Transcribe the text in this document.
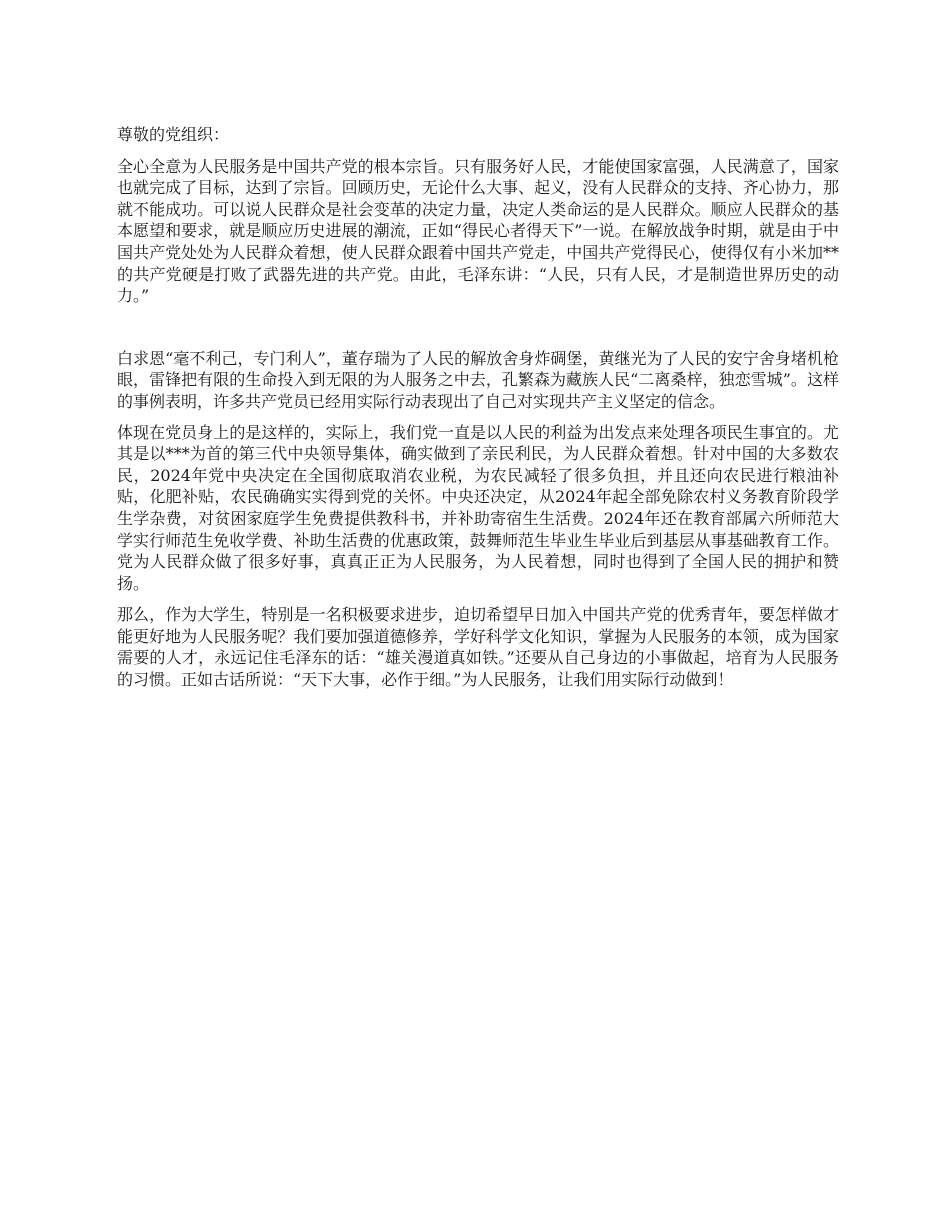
尊敬的党组织：

全心全意为人民服务是中国共产党的根本宗旨。只有服务好人民，才能使国家富强，人民满意了，国家也就完成了目标，达到了宗旨。回顾历史，无论什么大事、起义，没有人民群众的支持、齐心协力，那就不能成功。可以说人民群众是社会变革的决定力量，决定人类命运的是人民群众。顺应人民群众的基本愿望和要求，就是顺应历史进展的潮流，正如“得民心者得天下”一说。在解放战争时期，就是由于中国共产党处处为人民群众着想，使人民群众跟着中国共产党走，中国共产党得民心，使得仅有小米加**的共产党硬是打败了武器先进的共产党。由此，毛泽东讲：“人民，只有人民，才是制造世界历史的动力。”

白求恩“毫不利己，专门利人”，董存瑞为了人民的解放舍身炸碉堡，黄继光为了人民的安宁舍身堵机枪眼，雷锋把有限的生命投入到无限的为人服务之中去，孔繁森为藏族人民“二离桑梓，独恋雪城”。这样的事例表明，许多共产党员已经用实际行动表现出了自己对实现共产主义坚定的信念。

体现在党员身上的是这样的，实际上，我们党一直是以人民的利益为出发点来处理各项民生事宜的。尤其是以***为首的第三代中央领导集体，确实做到了亲民利民，为人民群众着想。针对中国的大多数农民，2024年党中央决定在全国彻底取消农业税，为农民减轻了很多负担，并且还向农民进行粮油补贴，化肥补贴，农民确确实实得到党的关怀。中央还决定，从2024年起全部免除农村义务教育阶段学生学杂费，对贫困家庭学生免费提供教科书，并补助寄宿生生活费。2024年还在教育部属六所师范大学实行师范生免收学费、补助生活费的优惠政策，鼓舞师范生毕业生毕业后到基层从事基础教育工作。党为人民群众做了很多好事，真真正正为人民服务，为人民着想，同时也得到了全国人民的拥护和赞扬。

那么，作为大学生，特别是一名积极要求进步，迫切希望早日加入中国共产党的优秀青年，要怎样做才能更好地为人民服务呢？我们要加强道德修养，学好科学文化知识，掌握为人民服务的本领，成为国家需要的人才，永远记住毛泽东的话：“雄关漫道真如铁。”还要从自己身边的小事做起，培育为人民服务的习惯。正如古话所说：“天下大事，必作于细。”为人民服务，让我们用实际行动做到！
